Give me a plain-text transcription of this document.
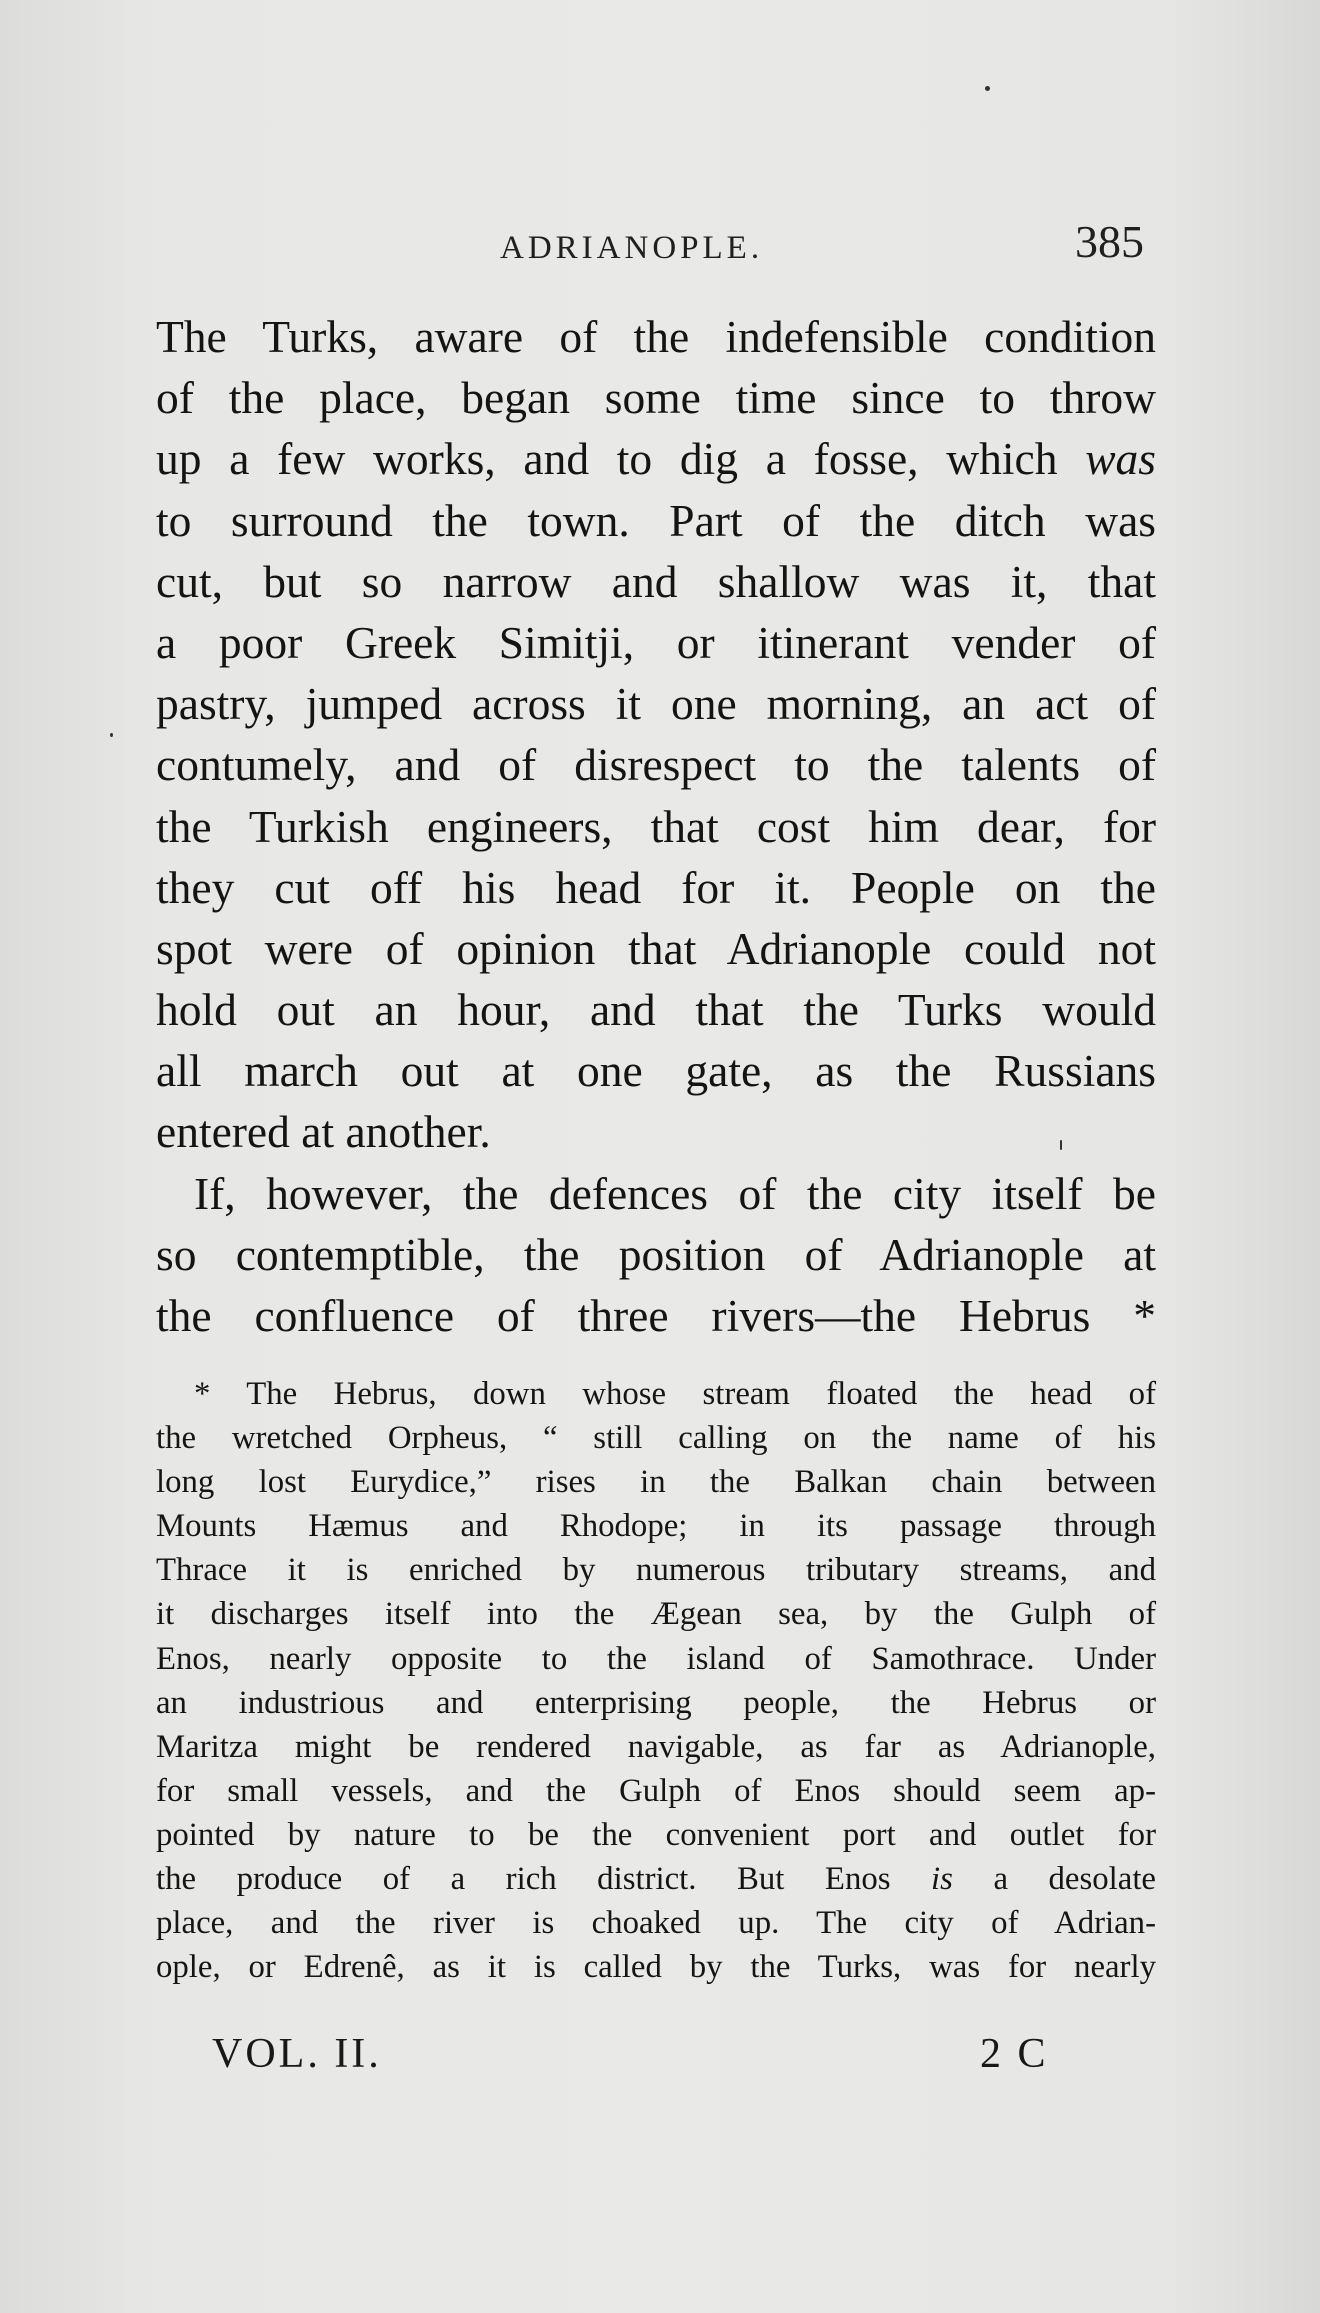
ADRIANOPLE.	385
The Turks, aware of the indefensible condition
of the place, began some time since to throw
up a few works, and to dig a fosse, which was
to surround the town. Part of the ditch was
cut, but so narrow and shallow was it, that
a poor Greek Simitji, or itinerant vender of
pastry, jumped across it one morning, an act of
contumely, and of disrespect to the talents of
the Turkish engineers, that cost him dear, for
they cut off his head for it. People on the
spot were of opinion that Adrianople could not
hold out an hour, and that the Turks would
all march out at one gate, as the Russians
entered at another.
If, however, the defences of the city itself be
so contemptible, the position of Adrianople at
the confluence of three rivers—the Hebrus *
* The Hebrus, down whose stream floated the head of
the wretched Orpheus, “ still calling on the name of his
long lost Eurydice,” rises in the Balkan chain between
Mounts Hæmus and Rhodope; in its passage through
Thrace it is enriched by numerous tributary streams, and
it discharges itself into the Ægean sea, by the Gulph of
Enos, nearly opposite to the island of Samothrace. Under
an industrious and enterprising people, the Hebrus or
Maritza might be rendered navigable, as far as Adrianople,
for small vessels, and the Gulph of Enos should seem ap-
pointed by nature to be the convenient port and outlet for
the produce of a rich district. But Enos is a desolate
place, and the river is choaked up. The city of Adrian-
ople, or Edrenê, as it is called by the Turks, was for nearly
VOL. II.	2 C
